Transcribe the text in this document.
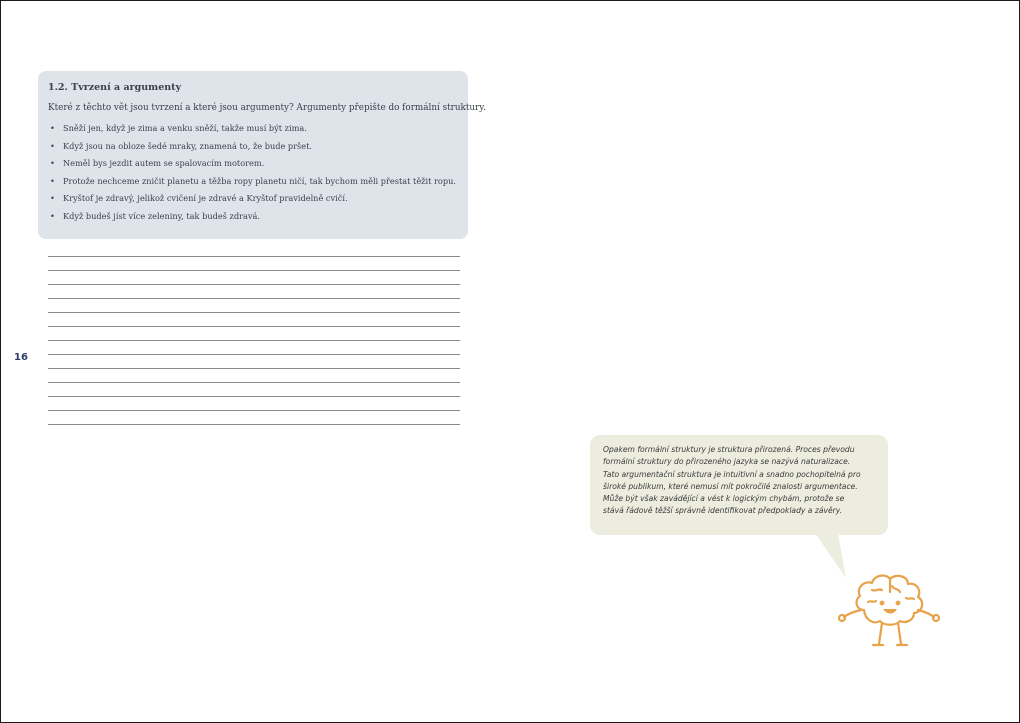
1.2. Tvrzení a argumenty
Které z těchto vět jsou tvrzení a které jsou argumenty? Argumenty přepište do formální struktury.
• Sněží jen, když je zima a venku sněží, takže musí být zima.
• Když jsou na obloze šedé mraky, znamená to, že bude pršet.
• Neměl bys jezdit autem se spalovacím motorem.
• Protože nechceme zničit planetu a těžba ropy planetu ničí, tak bychom měli přestat těžit ropu.
• Kryštof je zdravý, jelikož cvičení je zdravé a Kryštof pravidelně cvičí.
• Když budeš jíst více zeleniny, tak budeš zdravá.
16

Opakem formální struktury je struktura přirozená. Proces převodu
formální struktury do přirozeného jazyka se nazývá naturalizace.
Tato argumentační struktura je intuitivní a snadno pochopitelná pro
široké publikum, které nemusí mít pokročilé znalosti argumentace.
Může být však zavádějící a vést k logickým chybám, protože se
stává řádově těžší správně identifikovat předpoklady a závěry.
